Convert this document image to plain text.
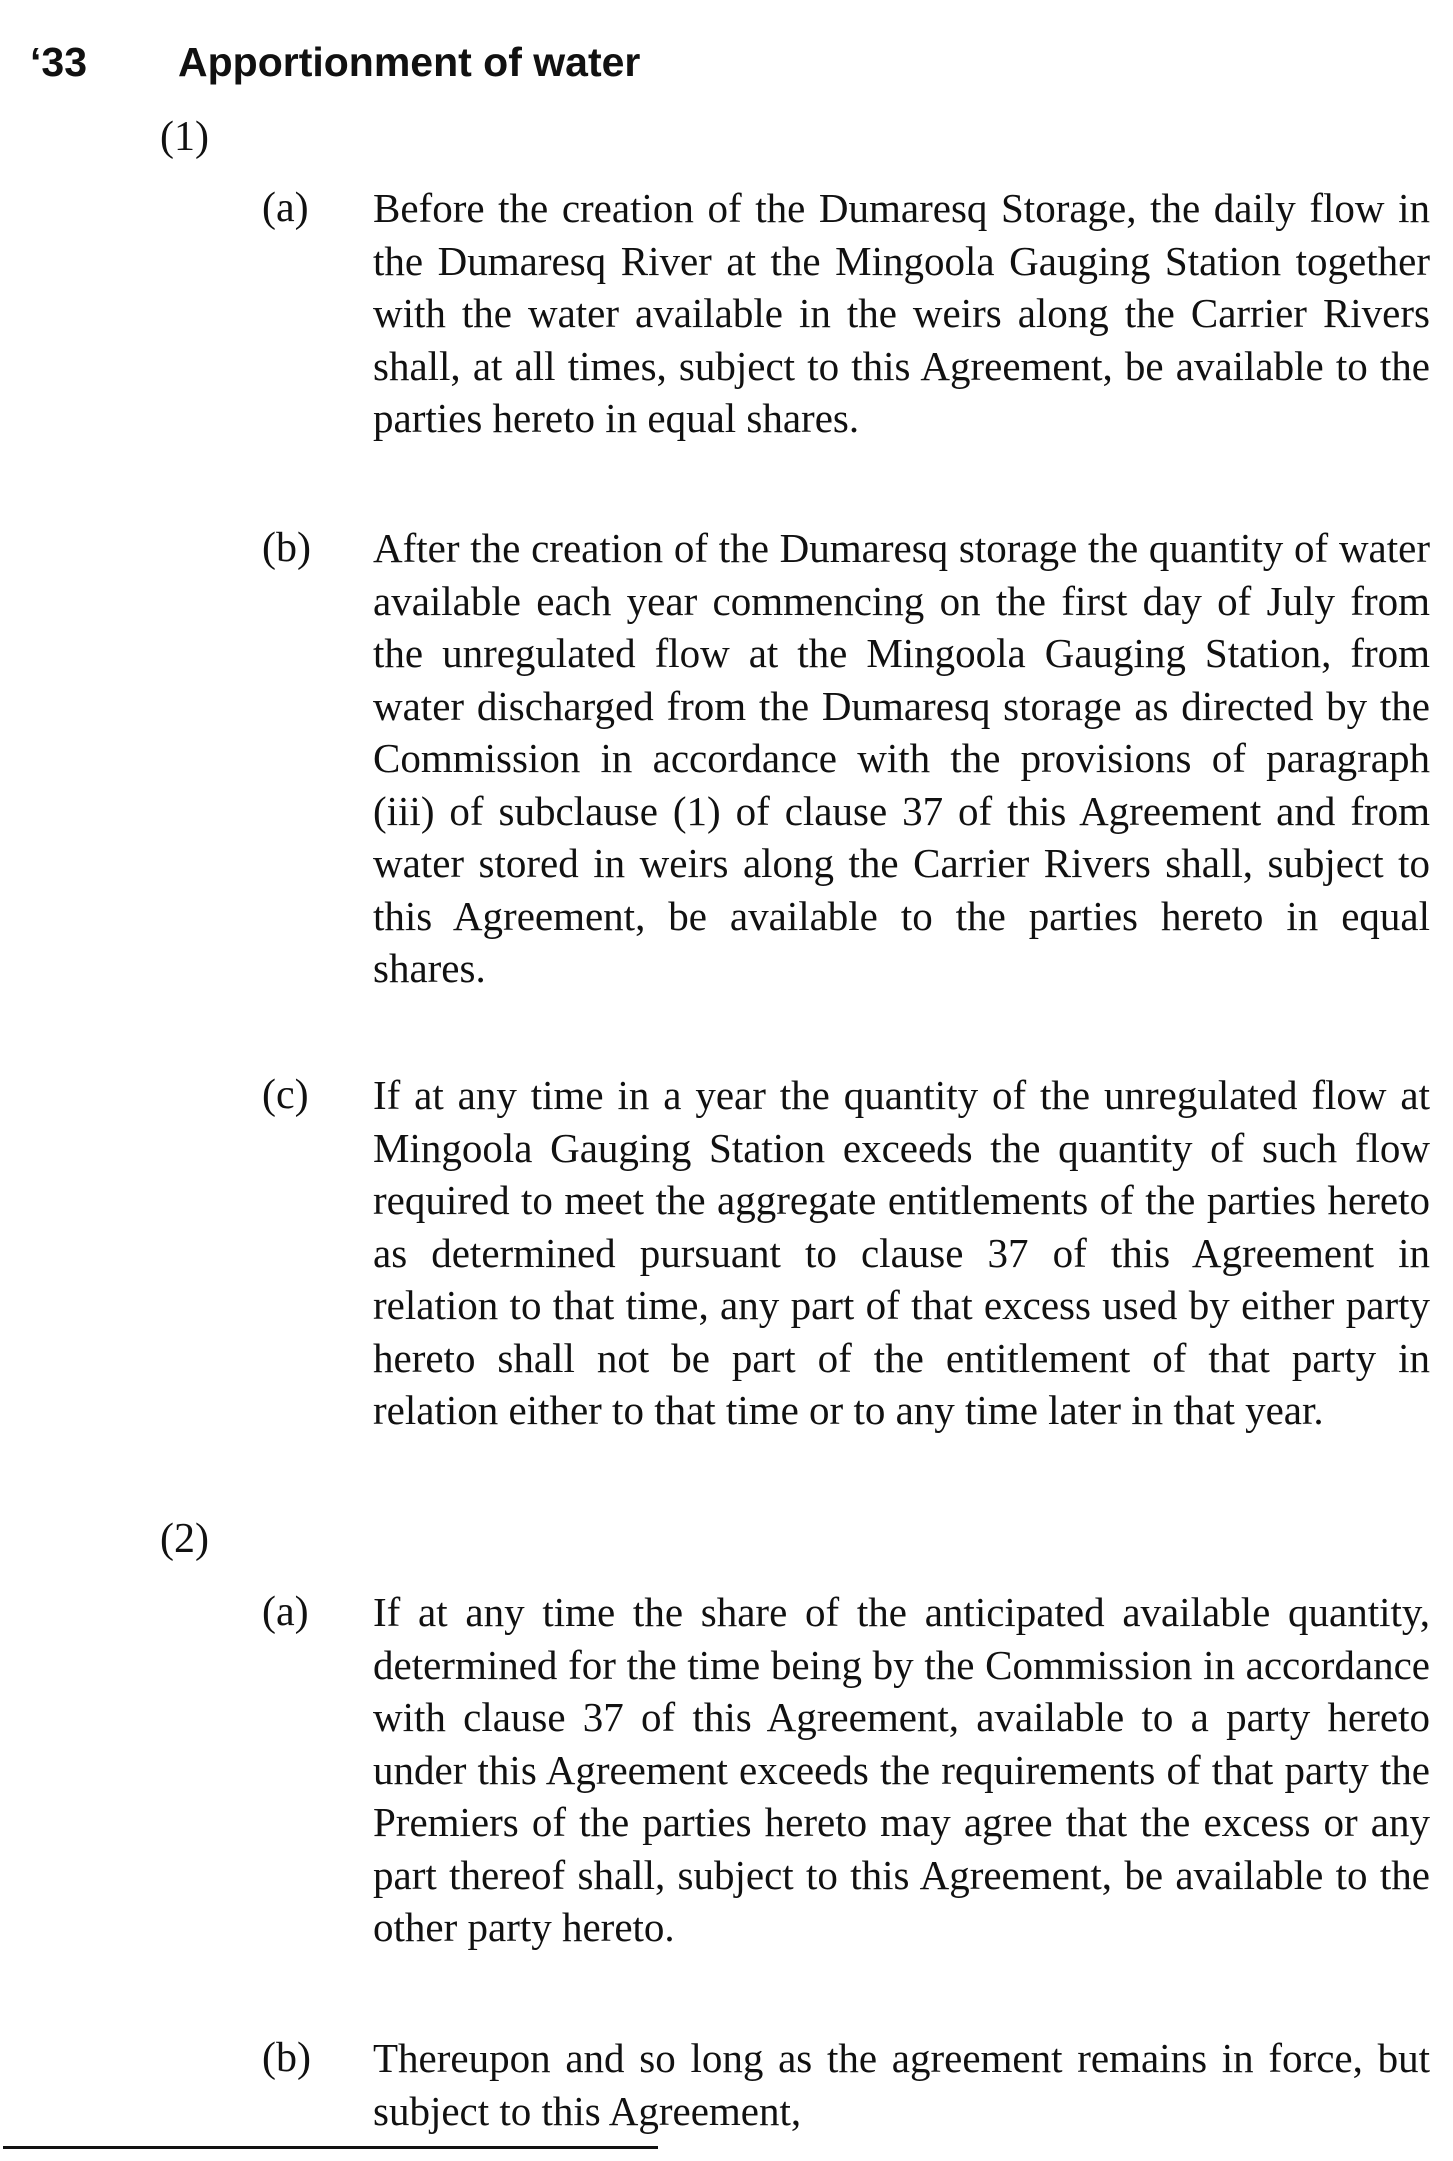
‘33 Apportionment of water
(1)
(a) Before the creation of the Dumaresq Storage, the daily flow in the Dumaresq River at the Mingoola Gauging Station together with the water available in the weirs along the Carrier Rivers shall, at all times, subject to this Agreement, be available to the parties hereto in equal shares.
(b) After the creation of the Dumaresq storage the quantity of water available each year commencing on the first day of July from the unregulated flow at the Mingoola Gauging Station, from water discharged from the Dumaresq storage as directed by the Commission in accordance with the provisions of paragraph (iii) of subclause (1) of clause 37 of this Agreement and from water stored in weirs along the Carrier Rivers shall, subject to this Agreement, be available to the parties hereto in equal shares.
(c) If at any time in a year the quantity of the unregulated flow at Mingoola Gauging Station exceeds the quantity of such flow required to meet the aggregate entitlements of the parties hereto as determined pursuant to clause 37 of this Agreement in relation to that time, any part of that excess used by either party hereto shall not be part of the entitlement of that party in relation either to that time or to any time later in that year.
(2)
(a) If at any time the share of the anticipated available quantity, determined for the time being by the Commission in accordance with clause 37 of this Agreement, available to a party hereto under this Agreement exceeds the requirements of that party the Premiers of the parties hereto may agree that the excess or any part thereof shall, subject to this Agreement, be available to the other party hereto.
(b) Thereupon and so long as the agreement remains in force, but subject to this Agreement,
